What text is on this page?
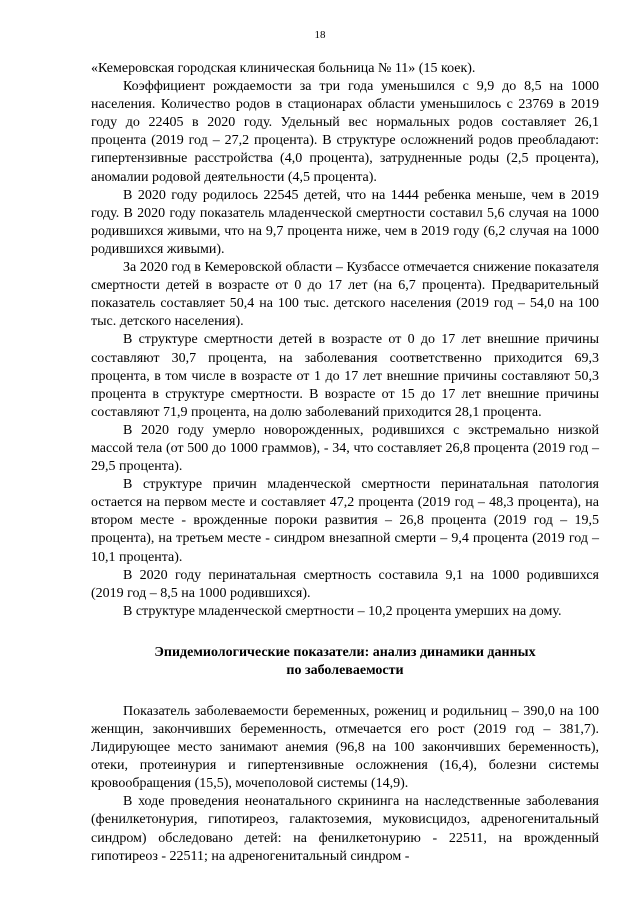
18

«Кемеровская городская клиническая больница № 11» (15 коек).

Коэффициент рождаемости за три года уменьшился с 9,9 до 8,5 на 1000 населения. Количество родов в стационарах области уменьшилось с 23769 в 2019 году до 22405 в 2020 году. Удельный вес нормальных родов составляет 26,1 процента (2019 год – 27,2 процента). В структуре осложнений родов преобладают: гипертензивные расстройства (4,0 процента), затрудненные роды (2,5 процента), аномалии родовой деятельности (4,5 процента).

В 2020 году родилось 22545 детей, что на 1444 ребенка меньше, чем в 2019 году. В 2020 году показатель младенческой смертности составил 5,6 случая на 1000 родившихся живыми, что на 9,7 процента ниже, чем в 2019 году (6,2 случая на 1000 родившихся живыми).

За 2020 год в Кемеровской области – Кузбассе отмечается снижение показателя смертности детей в возрасте от 0 до 17 лет (на 6,7 процента). Предварительный показатель составляет 50,4 на 100 тыс. детского населения (2019 год – 54,0 на 100 тыс. детского населения).

В структуре смертности детей в возрасте от 0 до 17 лет внешние причины составляют 30,7 процента, на заболевания соответственно приходится 69,3 процента, в том числе в возрасте от 1 до 17 лет внешние причины составляют 50,3 процента в структуре смертности. В возрасте от 15 до 17 лет внешние причины составляют 71,9 процента, на долю заболеваний приходится 28,1 процента.

В 2020 году умерло новорожденных, родившихся с экстремально низкой массой тела (от 500 до 1000 граммов), - 34, что составляет 26,8 процента (2019 год – 29,5 процента).

В структуре причин младенческой смертности перинатальная патология остается на первом месте и составляет 47,2 процента (2019 год – 48,3 процента), на втором месте - врожденные пороки развития – 26,8 процента (2019 год – 19,5 процента), на третьем месте - синдром внезапной смерти – 9,4 процента (2019 год – 10,1 процента).

В 2020 году перинатальная смертность составила 9,1 на 1000 родившихся (2019 год – 8,5 на 1000 родившихся).

В структуре младенческой смертности – 10,2 процента умерших на дому.

Эпидемиологические показатели: анализ динамики данных
по заболеваемости

Показатель заболеваемости беременных, рожениц и родильниц – 390,0 на 100 женщин, закончивших беременность, отмечается его рост (2019 год – 381,7). Лидирующее место занимают анемия (96,8 на 100 закончивших беременность), отеки, протеинурия и гипертензивные осложнения (16,4), болезни системы кровообращения (15,5), мочеполовой системы (14,9).

В ходе проведения неонатального скрининга на наследственные заболевания (фенилкетонурия, гипотиреоз, галактоземия, муковисцидоз, адреногенитальный синдром) обследовано детей: на фенилкетонурию - 22511, на врожденный гипотиреоз - 22511; на адреногенитальный синдром -
